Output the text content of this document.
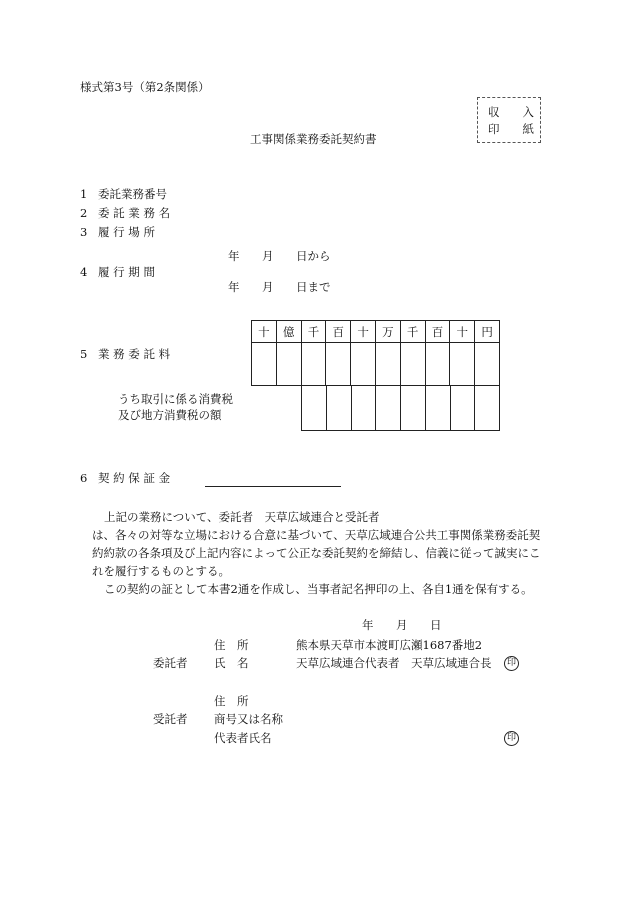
様式第3号（第2条関係）
収 入
印 紙
工事関係業務委託契約書
1 委託業務番号
2 委 託 業 務 名
3 履 行 場 所
年 月 日から
4 履 行 期 間
年 月 日まで
十	億	千	百	十	万	千	百	十	円

5 業 務 委 託 料

うち取引に係る消費税
及び地方消費税の額
6 契 約 保 証 金
上記の業務について、委託者　天草広域連合と受託者
は、各々の対等な立場における合意に基づいて、天草広域連合公共工事関係業務委託契
約約款の各条項及び上記内容によって公正な委託契約を締結し、信義に従って誠実にこ
れを履行するものとする。
この契約の証として本書2通を作成し、当事者記名押印の上、各自1通を保有する。
年 月 日
住　所	熊本県天草市本渡町広瀬1687番地2
委託者 氏　名	天草広域連合代表者　天草広域連合長	印
住　所
受託者 商号又は名称
代表者氏名	印
